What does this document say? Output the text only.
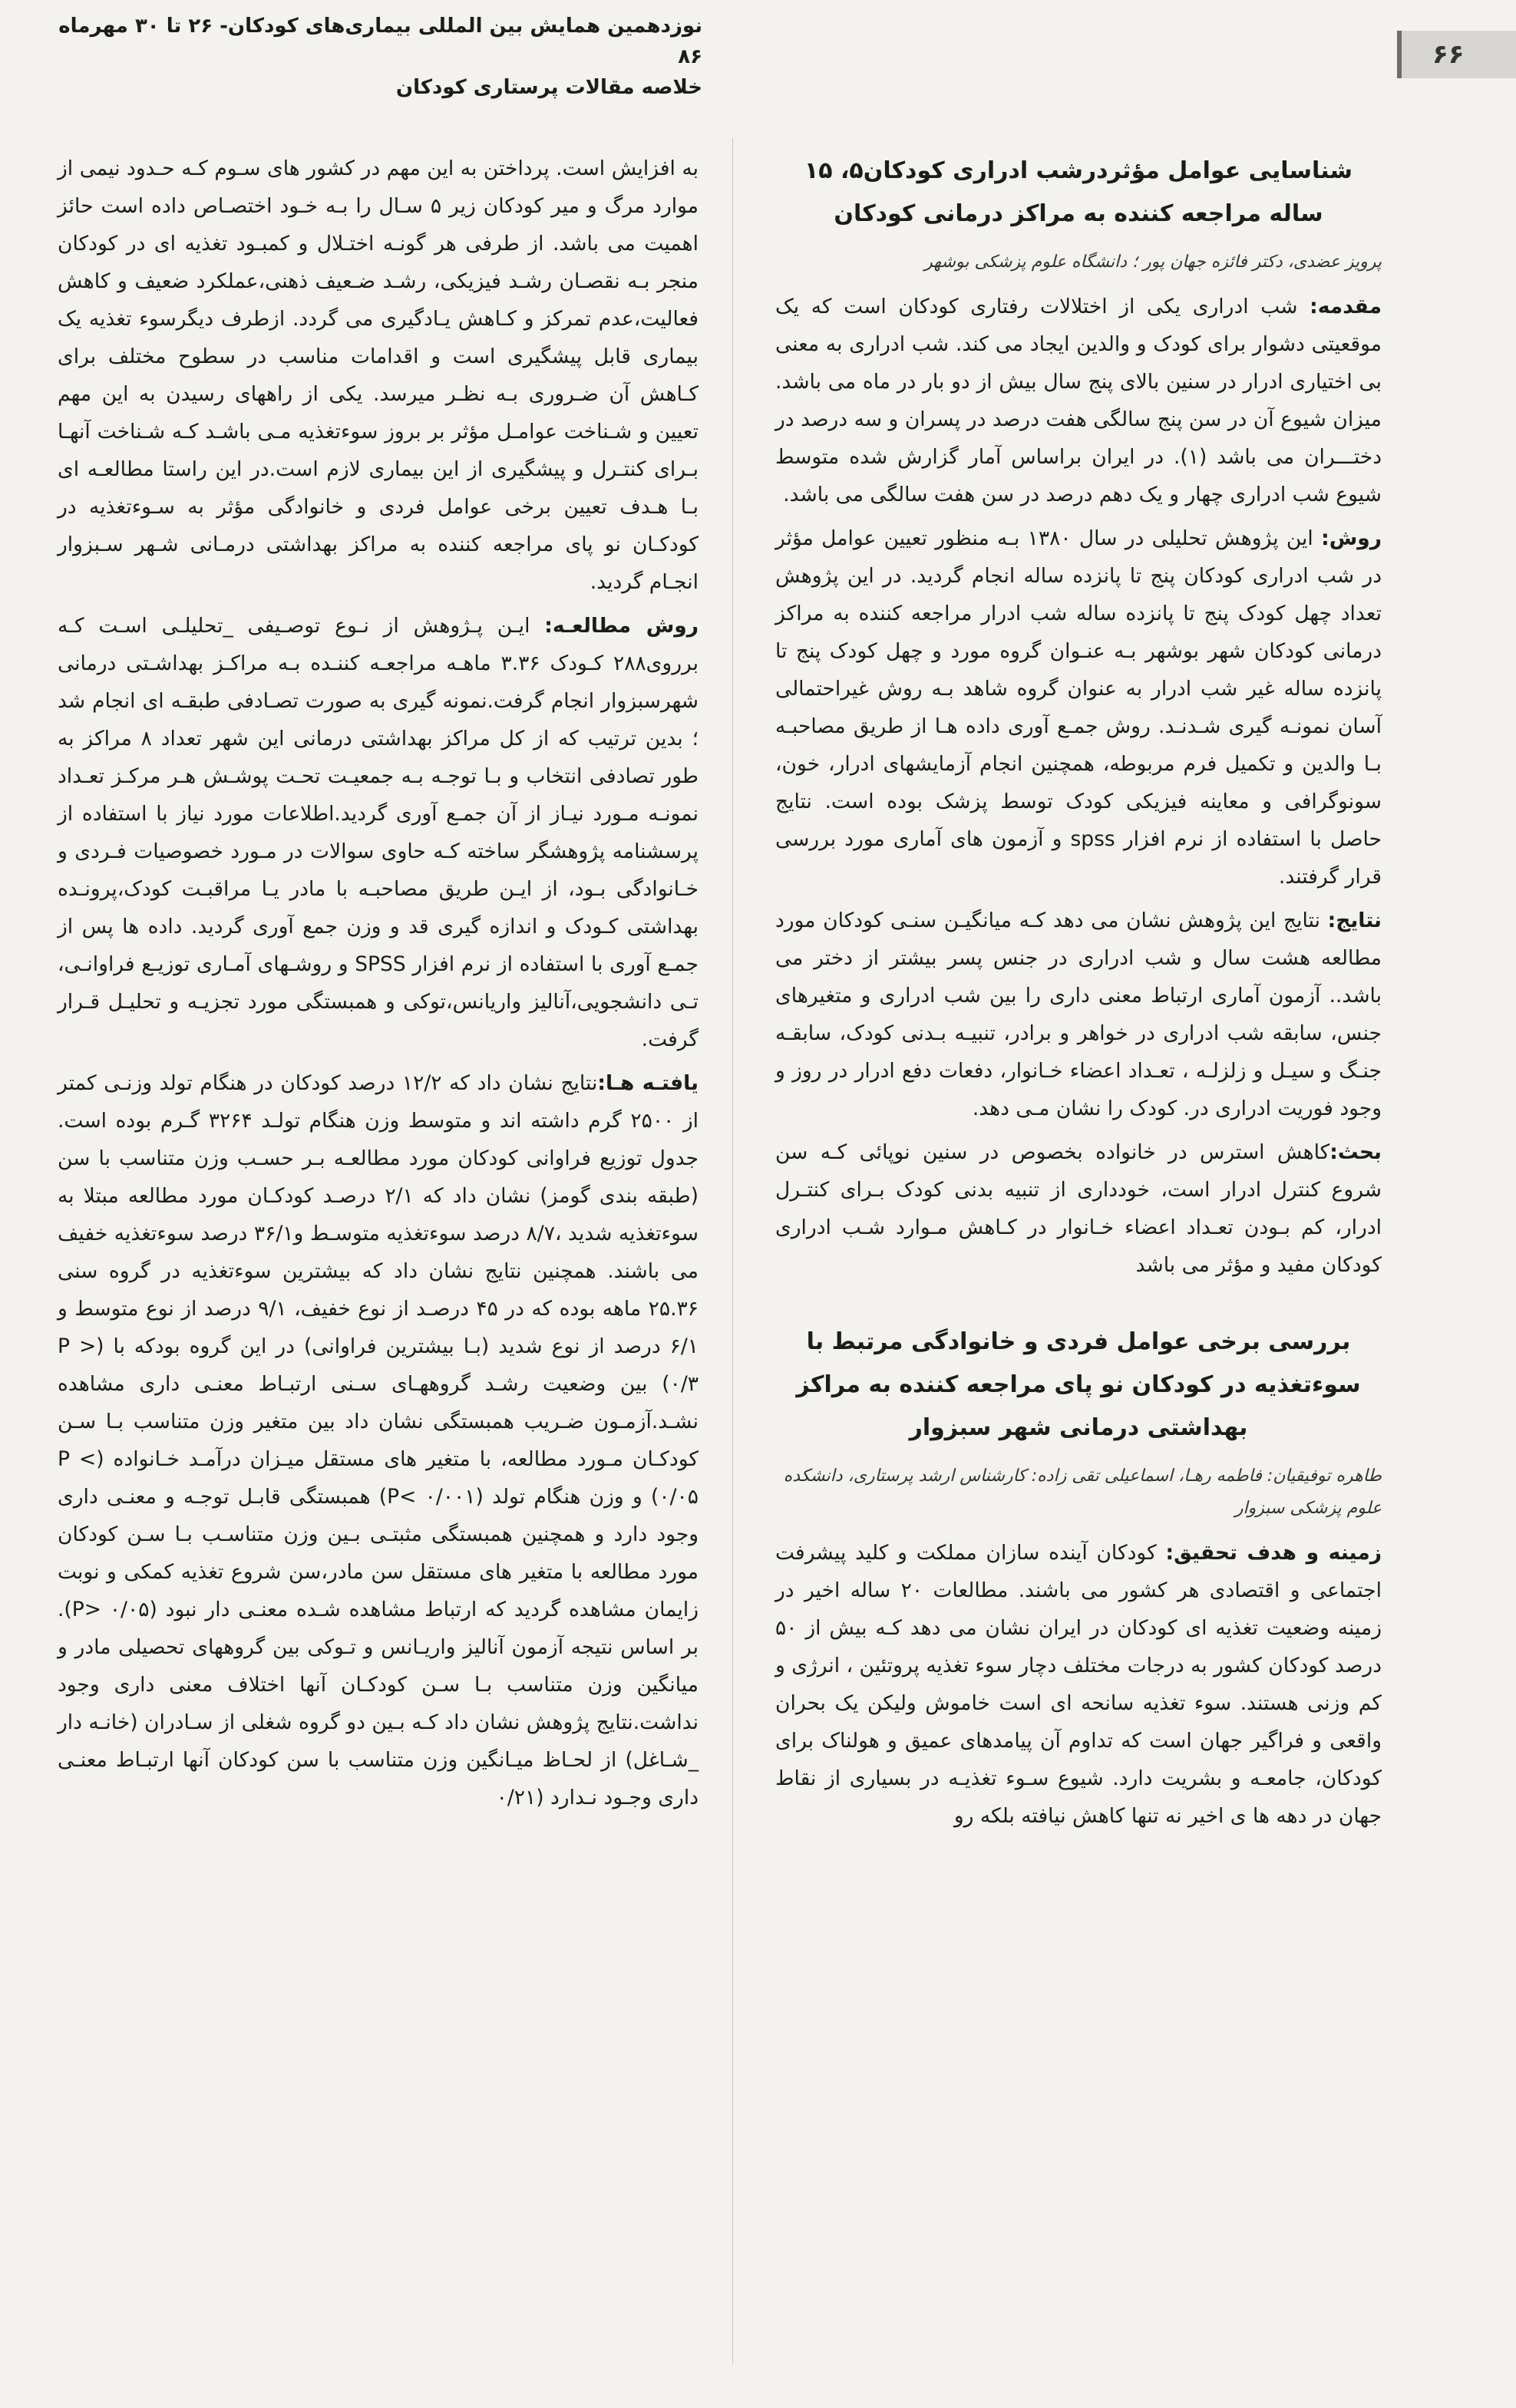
نوزدهمین همایش بین المللی بیماری‌های کودکان- ۲۶ تا ۳۰ مهرماه ۸۶
خلاصه مقالات پرستاری کودکان
۶۶
شناسایی عوامل مؤثردرشب ادراری کودکان۵، ۱۵ ساله مراجعه کننده به مراکز درمانی کودکان
پرویز عضدی، دکتر فائزه جهان پور ؛ دانشگاه علوم پزشکی بوشهر

مقدمه: شب ادراری یکی از اختلالات رفتاری کودکان است که یک موقعیتی دشوار برای کودک و والدین ایجاد می کند. شب ادراری به معنی بی اختیاری ادرار در سنین بالای پنج سال بیش از دو بار در ماه می باشد. میزان شیوع آن در سن پنج سالگی هفت درصد در پسران و سه درصد در دختـــران می باشد (۱). در ایران براساس آمار گزارش شده متوسط شیوع شب ادراری چهار و یک دهم درصد در سن هفت سالگی می باشد.

روش: این پژوهش تحلیلی در سال ۱۳۸۰ بـه منظور تعیین عوامل مؤثر در شب ادراری کودکان پنج تا پانزده ساله انجام گردید. در این پژوهش تعداد چهل کودک پنج تا پانزده ساله شب ادرار مراجعه کننده به مراکز درمانی کودکان شهر بوشهر بـه عنـوان گروه مورد و چهل کودک پنج تا پانزده ساله غیر شب ادرار به عنوان گروه شاهد بـه روش غیراحتمالی آسان نمونـه گیری شـدنـد. روش جمـع آوری داده هـا از طریق مصاحبـه بـا والدین و تکمیل فرم مربوطه، همچنین انجام آزمایشهای ادرار، خون، سونوگرافی و معاینه فیزیکی کودک توسط پزشک بوده است. نتایج حاصل با استفاده از نرم افزار spss و آزمون های آماری مورد بررسی قرار گرفتند.

نتایج: نتایج این پژوهش نشان می دهد کـه میانگیـن سنـی کودکان مورد مطالعه هشت سال و شب ادراری در جنس پسر بیشتر از دختر می باشد.. آزمون آماری ارتباط معنی داری را بین شب ادراری و متغیرهای جنس، سابقه شب ادراری در خواهر و برادر، تنبیـه بـدنی کودک، سابقـه جنـگ و سیـل و زلزلـه ، تعـداد اعضاء خـانوار، دفعات دفع ادرار در روز و وجود فوریت ادراری در. کودک را نشان مـی دهد.

بحث:کاهش استرس در خانواده بخصوص در سنین نوپائی کـه سن شروع کنترل ادرار است، خودداری از تنبیه بدنی کودک بـرای کنتـرل ادرار، کم بـودن تعـداد اعضاء خـانوار در کـاهش مـوارد شـب ادراری کودکان مفید و مؤثر می باشد

بررسی برخی عوامل فردی و خانوادگی مرتبط با سوءتغذیه در کودکان نو پای مراجعه کننده به مراکز بهداشتی درمانی شهر سبزوار
طاهره توفیقیان: فاطمه رهـا، اسماعیلی تقی زاده: کارشناس ارشد پرستاری، دانشکده علوم پزشکی سبزوار

زمینه و هدف تحقیق: کودکان آینده سازان مملکت و کلید پیشرفت اجتماعی و اقتصادی هر کشور می باشند. مطالعات ۲۰ ساله اخیر در زمینه وضعیت تغذیه ای کودکان در ایران نشان می دهد کـه بیش از ۵۰ درصد کودکان کشور به درجات مختلف دچار سوء تغذیه پروتئین ، انرژی و کم وزنی هستند. سوء تغذیه سانحه ای است خاموش ولیکن یک بحران واقعی و فراگیر جهان است که تداوم آن پیامدهای عمیق و هولناک برای کودکان، جامعـه و بشریت دارد. شیوع سـوء تغذیـه در بسیاری از نقاط جهان در دهه ها ی اخیر نه تنها کاهش نیافته بلکه رو

به افزایش است. پرداختن به این مهم در کشور های سـوم کـه حـدود نیمی از موارد مرگ و میر کودکان زیر ۵ سـال را بـه خـود اختصـاص داده است حائز اهمیت می باشد. از طرفی هر گونـه اختـلال و کمبـود تغذیه ای در کودکان منجر بـه نقصـان رشـد فیزیکی، رشـد ضـعیف ذهنی،عملکرد ضعیف و کاهش فعالیت،عدم تمرکز و کـاهش یـادگیری می گردد. ازطرف دیگرسوء تغذیه یک بیماری قابل پیشگیری است و اقدامات مناسب در سطوح مختلف برای کـاهش آن ضـروری بـه نظـر میرسد. یکی از راههای رسیدن به این مهم تعیین و شـناخت عوامـل مؤثر بر بروز سوءتغذیه مـی باشـد کـه شـناخت آنهـا بـرای کنتـرل و پیشگیری از این بیماری لازم است.در این راستا مطالعـه ای بـا هـدف تعیین برخی عوامل فردی و خانوادگی مؤثر به سـوءتغذیه در کودکـان نو پای مراجعه کننده به مراکز بهداشتی درمـانی شـهر سـبزوار انجـام گردید.

روش مطالعـه: ایـن پـژوهش از نـوع توصـیفی _تحلیلـی اسـت کـه برروی۲۸۸ کـودک ۳.۳۶ ماهـه مراجعـه کننـده بـه مراکـز بهداشـتی درمانی شهرسبزوار انجام گرفت.نمونه گیری به صورت تصـادفی طبقـه ای انجام شد ؛ بدین ترتیب که از کل مراکز بهداشتی درمانی این شهر تعداد ۸ مراکز به طور تصادفی انتخاب و بـا توجـه بـه جمعیـت تحـت پوشـش هـر مرکـز تعـداد نمونـه مـورد نیـاز از آن جمـع آوری گردید.اطلاعات مورد نیاز با استفاده از پرسشنامه پژوهشگر ساخته کـه حاوی سوالات در مـورد خصوصیات فـردی و خـانوادگی بـود، از ایـن طریق مصاحبـه با مادر یـا مراقبـت کودک،پرونـده بهداشتی کـودک و اندازه گیری قد و وزن جمع آوری گردید. داده ها پس از جمـع آوری با استفاده از نرم افزار SPSS و روشـهای آمـاری توزیـع فراوانـی، تـی دانشجویی،آنالیز واریانس،توکی و همبستگی مورد تجزیـه و تحلیـل قـرار گرفت.

یافتـه هـا:نتایج نشان داد که ۱۲/۲ درصد کودکان در هنگام تولد وزنـی کمتر از ۲۵۰۰ گرم داشته اند و متوسط وزن هنگام تولـد ۳۲۶۴ گـرم بوده است. جدول توزیع فراوانی کودکان مورد مطالعـه بـر حسـب وزن متناسب با سن (طبقه بندی گومز) نشان داد که ۲/۱ درصـد کودکـان مورد مطالعه مبتلا به سوءتغذیه شدید ،۸/۷ درصد سوءتغذیه متوسـط و۳۶/۱ درصد سوءتغذیه خفیف می باشند. همچنین نتایج نشان داد که بیشترین سوءتغذیه در گروه سنی ۲۵.۳۶ ماهه بوده که در ۴۵ درصـد از نوع خفیف، ۹/۱ درصد از نوع متوسط و ۶/۱ درصد از نوع شدید (بـا بیشترین فراوانی) در این گروه بودکه با (P > ۰/۳) بین وضعیت رشـد گروههـای سـنی ارتبـاط معنـی داری مشاهده نشـد.آزمـون ضـریب همبستگی نشان داد بین متغیر وزن متناسب بـا سـن کودکـان مـورد مطالعه، با متغیر های مستقل میـزان درآمـد خـانواده (P < ۰/۰۵) و وزن هنگام تولد (P< ۰/۰۰۱) همبستگی قابـل توجـه و معنـی داری وجود دارد و همچنین همبستگی مثبتـی بـین وزن متناسـب بـا سـن کودکان مورد مطالعه با متغیر های مستقل سن مادر،سن شروع تغذیه کمکی و نوبت زایمان مشاهده گردید که ارتباط مشاهده شـده معنـی دار نبود (P> ۰/۰۵). بر اساس نتیجه آزمون آنالیز واریـانس و تـوکی بین گروههای تحصیلی مادر و میانگین وزن متناسب بـا سـن کودکـان آنها اختلاف معنی داری وجود نداشت.نتایج پژوهش نشان داد کـه بـین دو گروه شغلی از سـادران (خانـه دار _شـاغل) از لحـاظ میـانگین وزن متناسب با سن کودکان آنها ارتبـاط معنـی داری وجـود نـدارد (۰/۲۱
